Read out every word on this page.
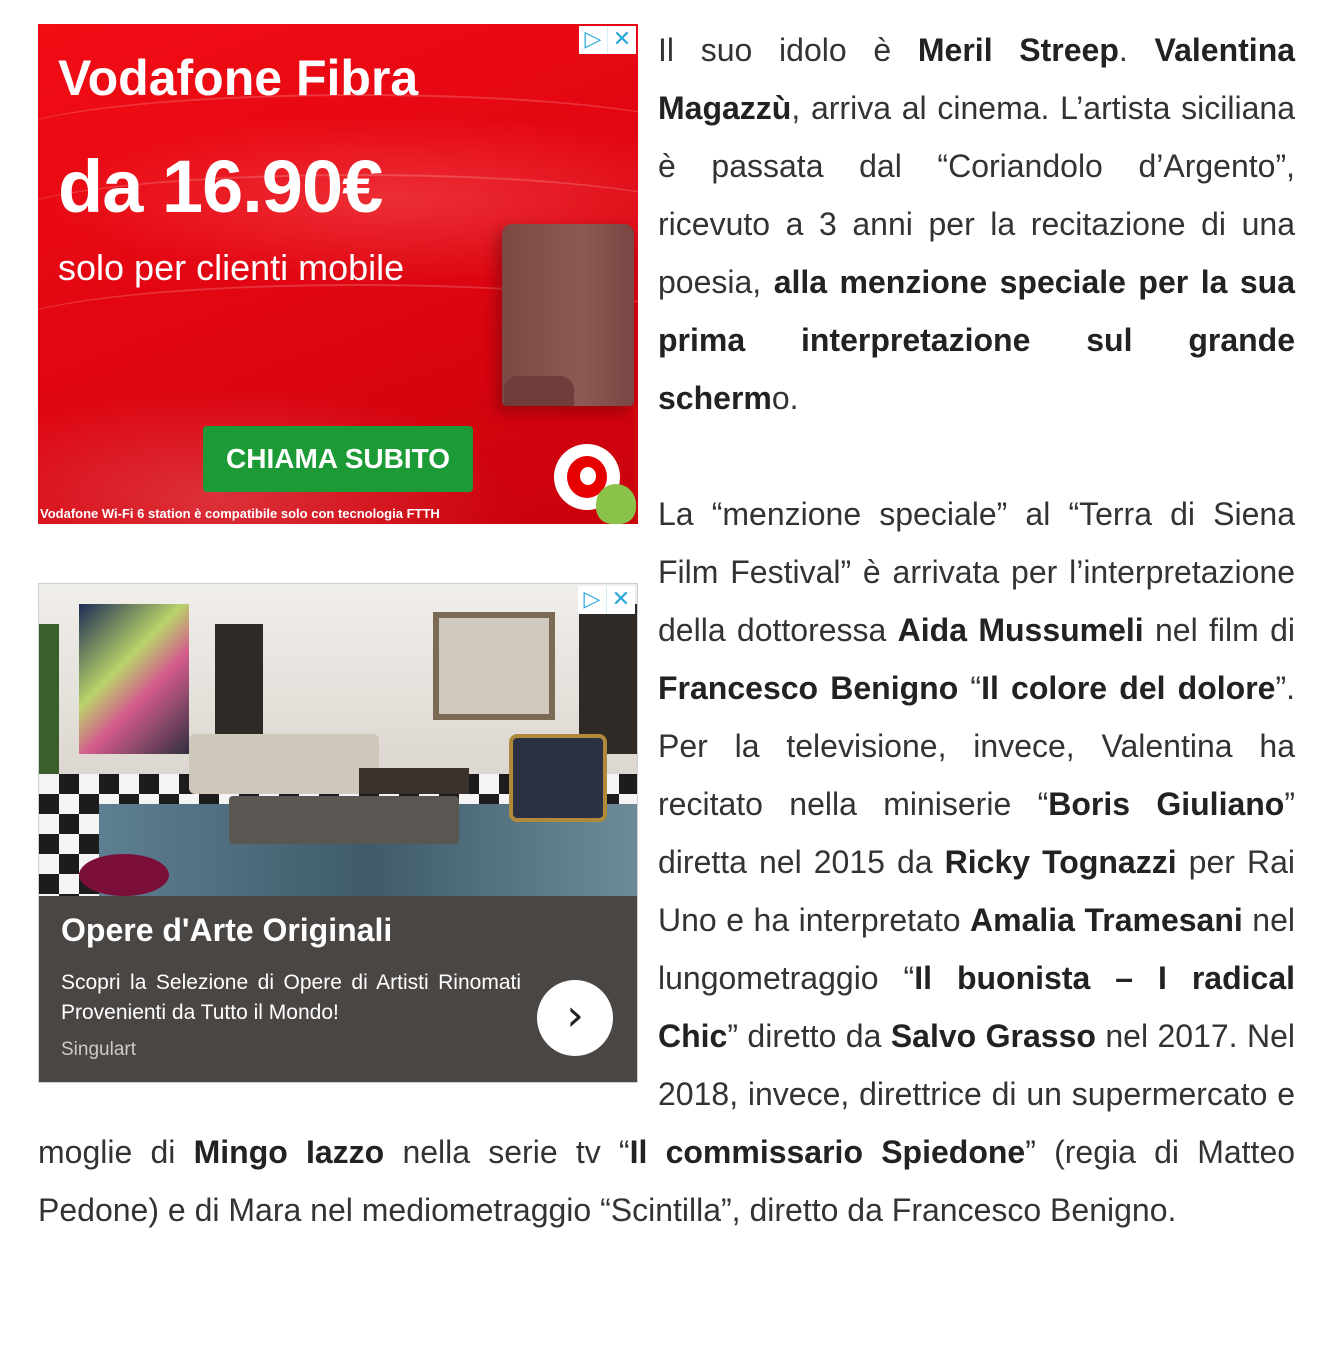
Vodafone Fibra
da 16.90€
solo per clienti mobile
CHIAMA SUBITO
Vodafone Wi-Fi 6 station è compatibile solo con tecnologia FTTH
▷ ✕
Opere d'Arte Originali
Scopri la Selezione di Opere di Artisti Rinomati Provenienti da Tutto il Mondo!
Singulart
›
▷ ✕

Il suo idolo è Meril Streep. Valentina Magazzù, arriva al cinema. L’artista siciliana è passata dal “Coriandolo d’Argento”, ricevuto a 3 anni per la recitazione di una poesia, alla menzione speciale per la sua prima interpretazione sul grande schermo.

La “menzione speciale” al “Terra di Siena Film Festival” è arrivata per l’interpretazione della dottoressa Aida Mussumeli nel film di Francesco Benigno “Il colore del dolore”. Per la televisione, invece, Valentina ha recitato nella miniserie “Boris Giuliano” diretta nel 2015 da Ricky Tognazzi per Rai Uno e ha interpretato Amalia Tramesani nel lungometraggio “Il buonista – I radical Chic” diretto da Salvo Grasso nel 2017. Nel 2018, invece, direttrice di un supermercato e moglie di Mingo Iazzo nella serie tv “Il commissario Spiedone” (regia di Matteo Pedone) e di Mara nel mediometraggio “Scintilla”, diretto da Francesco Benigno.
